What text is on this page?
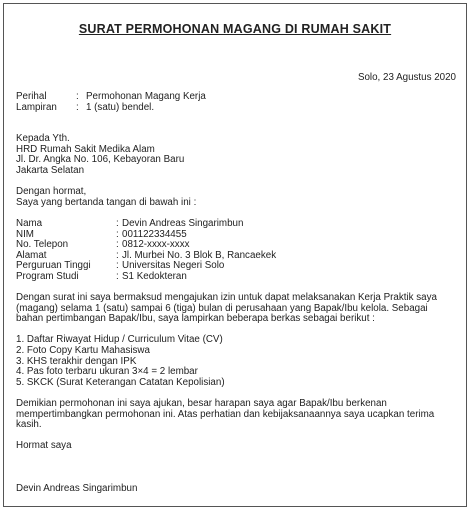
SURAT PERMOHONAN MAGANG DI RUMAH SAKIT
Solo, 23 Agustus 2020
Perihal	: Permohonan Magang Kerja
Lampiran	: 1 (satu) bendel.
Kepada Yth.
HRD Rumah Sakit Medika Alam
Jl. Dr. Angka No. 106, Kebayoran Baru
Jakarta Selatan
Dengan hormat,
Saya yang bertanda tangan di bawah ini :
Nama	: Devin Andreas Singarimbun
NIM	: 001122334455
No. Telepon	: 0812-xxxx-xxxx
Alamat	: Jl. Murbei No. 3 Blok B, Rancaekek
Perguruan Tinggi	: Universitas Negeri Solo
Program Studi	: S1 Kedokteran
Dengan surat ini saya bermaksud mengajukan izin untuk dapat melaksanakan Kerja Praktik saya (magang) selama 1 (satu) sampai 6 (tiga) bulan di perusahaan yang Bapak/Ibu kelola. Sebagai bahan pertimbangan Bapak/Ibu, saya lampirkan beberapa berkas sebagai berikut :
1. Daftar Riwayat Hidup / Curriculum Vitae (CV)
2. Foto Copy Kartu Mahasiswa
3. KHS terakhir dengan IPK
4. Pas foto terbaru ukuran 3×4 = 2 lembar
5. SKCK (Surat Keterangan Catatan Kepolisian)
Demikian permohonan ini saya ajukan, besar harapan saya agar Bapak/Ibu berkenan mempertimbangkan permohonan ini. Atas perhatian dan kebijaksanaannya saya ucapkan terima kasih.
Hormat saya
Devin Andreas Singarimbun
